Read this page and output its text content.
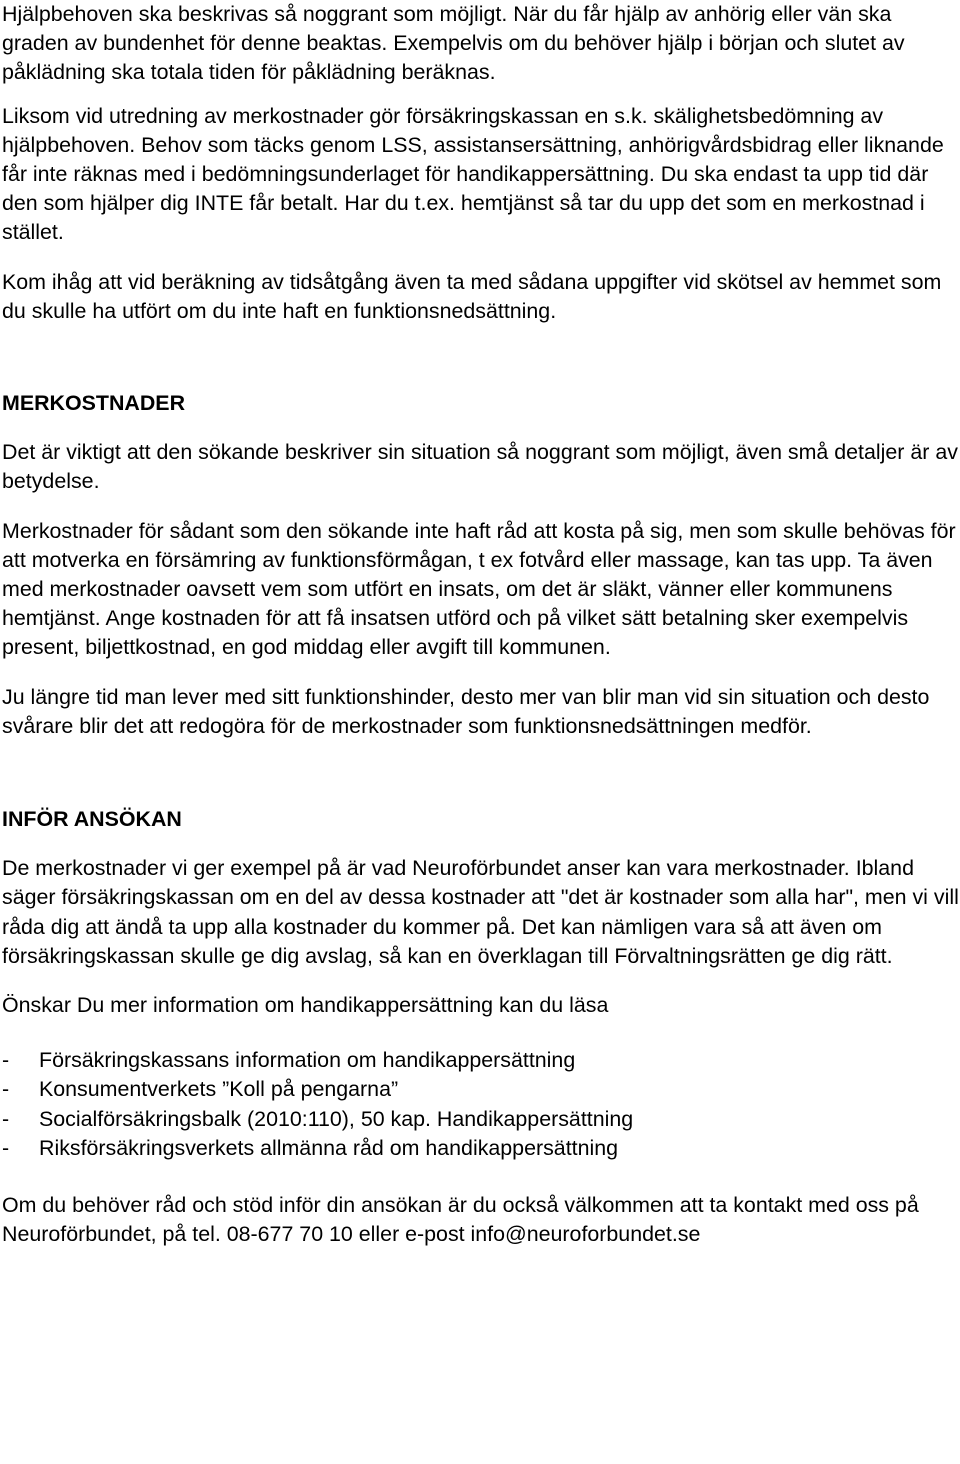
Hjälpbehoven ska beskrivas så noggrant som möjligt. När du får hjälp av anhörig eller vän ska graden av bundenhet för denne beaktas. Exempelvis om du behöver hjälp i början och slutet av påklädning ska totala tiden för påklädning beräknas.

Liksom vid utredning av merkostnader gör försäkringskassan en s.k. skälighetsbedömning av hjälpbehoven. Behov som täcks genom LSS, assistansersättning, anhörigvårdsbidrag eller liknande får inte räknas med i bedömningsunderlaget för handikappersättning. Du ska endast ta upp tid där den som hjälper dig INTE får betalt. Har du t.ex. hemtjänst så tar du upp det som en merkostnad i stället.

Kom ihåg att vid beräkning av tidsåtgång även ta med sådana uppgifter vid skötsel av hemmet som du skulle ha utfört om du inte haft en funktionsnedsättning.

MERKOSTNADER

Det är viktigt att den sökande beskriver sin situation så noggrant som möjligt, även små detaljer är av betydelse.

Merkostnader för sådant som den sökande inte haft råd att kosta på sig, men som skulle behövas för att motverka en försämring av funktionsförmågan, t ex fotvård eller massage, kan tas upp. Ta även med merkostnader oavsett vem som utfört en insats, om det är släkt, vänner eller kommunens hemtjänst. Ange kostnaden för att få insatsen utförd och på vilket sätt betalning sker exempelvis present, biljettkostnad, en god middag eller avgift till kommunen.

Ju längre tid man lever med sitt funktionshinder, desto mer van blir man vid sin situation och desto svårare blir det att redogöra för de merkostnader som funktionsnedsättningen medför.

INFÖR ANSÖKAN

De merkostnader vi ger exempel på är vad Neuroförbundet anser kan vara merkostnader. Ibland säger försäkringskassan om en del av dessa kostnader att "det är kostnader som alla har", men vi vill råda dig att ändå ta upp alla kostnader du kommer på. Det kan nämligen vara så att även om försäkringskassan skulle ge dig avslag, så kan en överklagan till Förvaltningsrätten ge dig rätt.

Önskar Du mer information om handikappersättning kan du läsa

-	Försäkringskassans information om handikappersättning
-	Konsumentverkets ”Koll på pengarna”
-	Socialförsäkringsbalk (2010:110), 50 kap. Handikappersättning
-	Riksförsäkringsverkets allmänna råd om handikappersättning

Om du behöver råd och stöd inför din ansökan är du också välkommen att ta kontakt med oss på Neuroförbundet, på tel. 08-677 70 10 eller e-post info@neuroforbundet.se
